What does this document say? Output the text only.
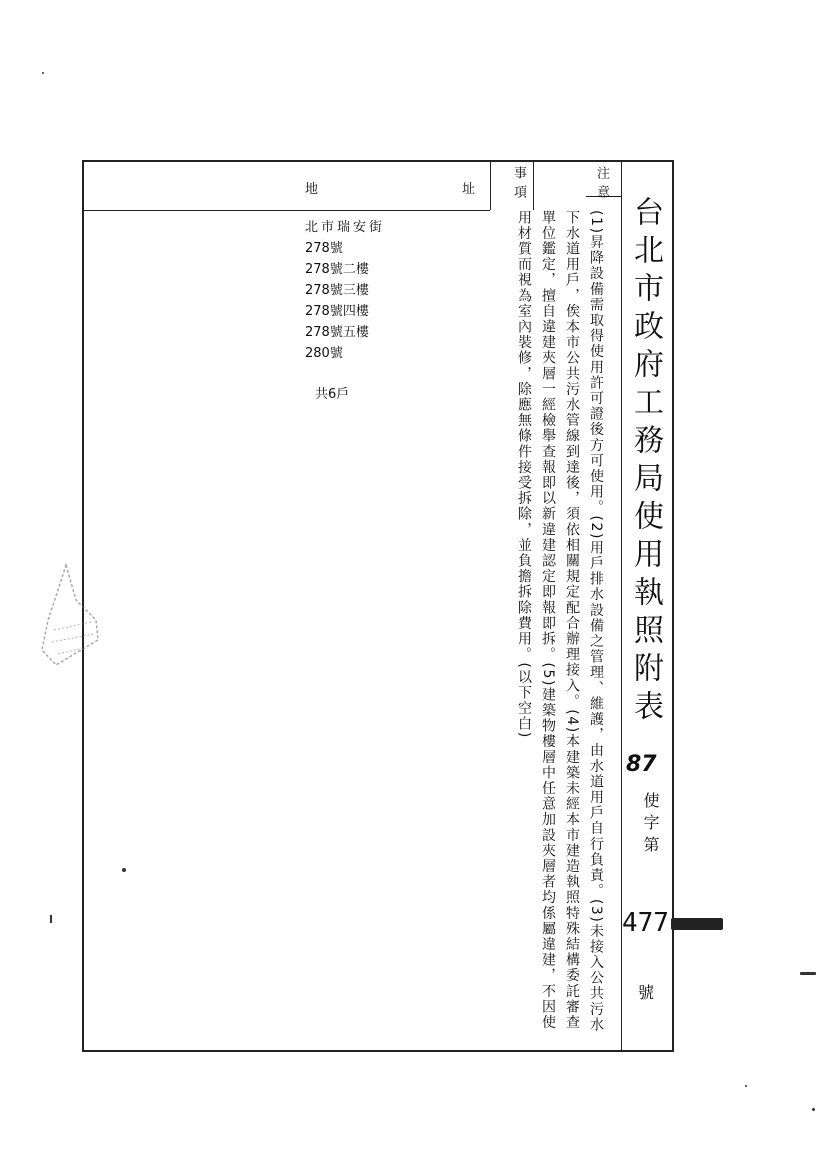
地	址	事項	注意
北市瑞安街
278號
278號二樓
278號三樓
278號四樓
278號五樓
280號
共6戶	(1)昇降設備需取得使用許可證後方可使用。(2)用戶排水設備之管理、維護，由水道用戶自行負責。(3)未接入公共污水下水道用戶，俟本市公共污水管線到達後，須依相關規定配合辦理接入。(4)本建築未經本市建造執照特殊結構委託審查單位鑑定，擅自違建夾層一經檢舉查報即以新違建認定即報即拆。(5)建築物樓層中任意加設夾層者均係屬違建，不因使用材質而視為室內裝修，除應無條件接受拆除，並負擔拆除費用。(以下空白)	台北市政府工務局使用執照附表
87
使字第
477
號
